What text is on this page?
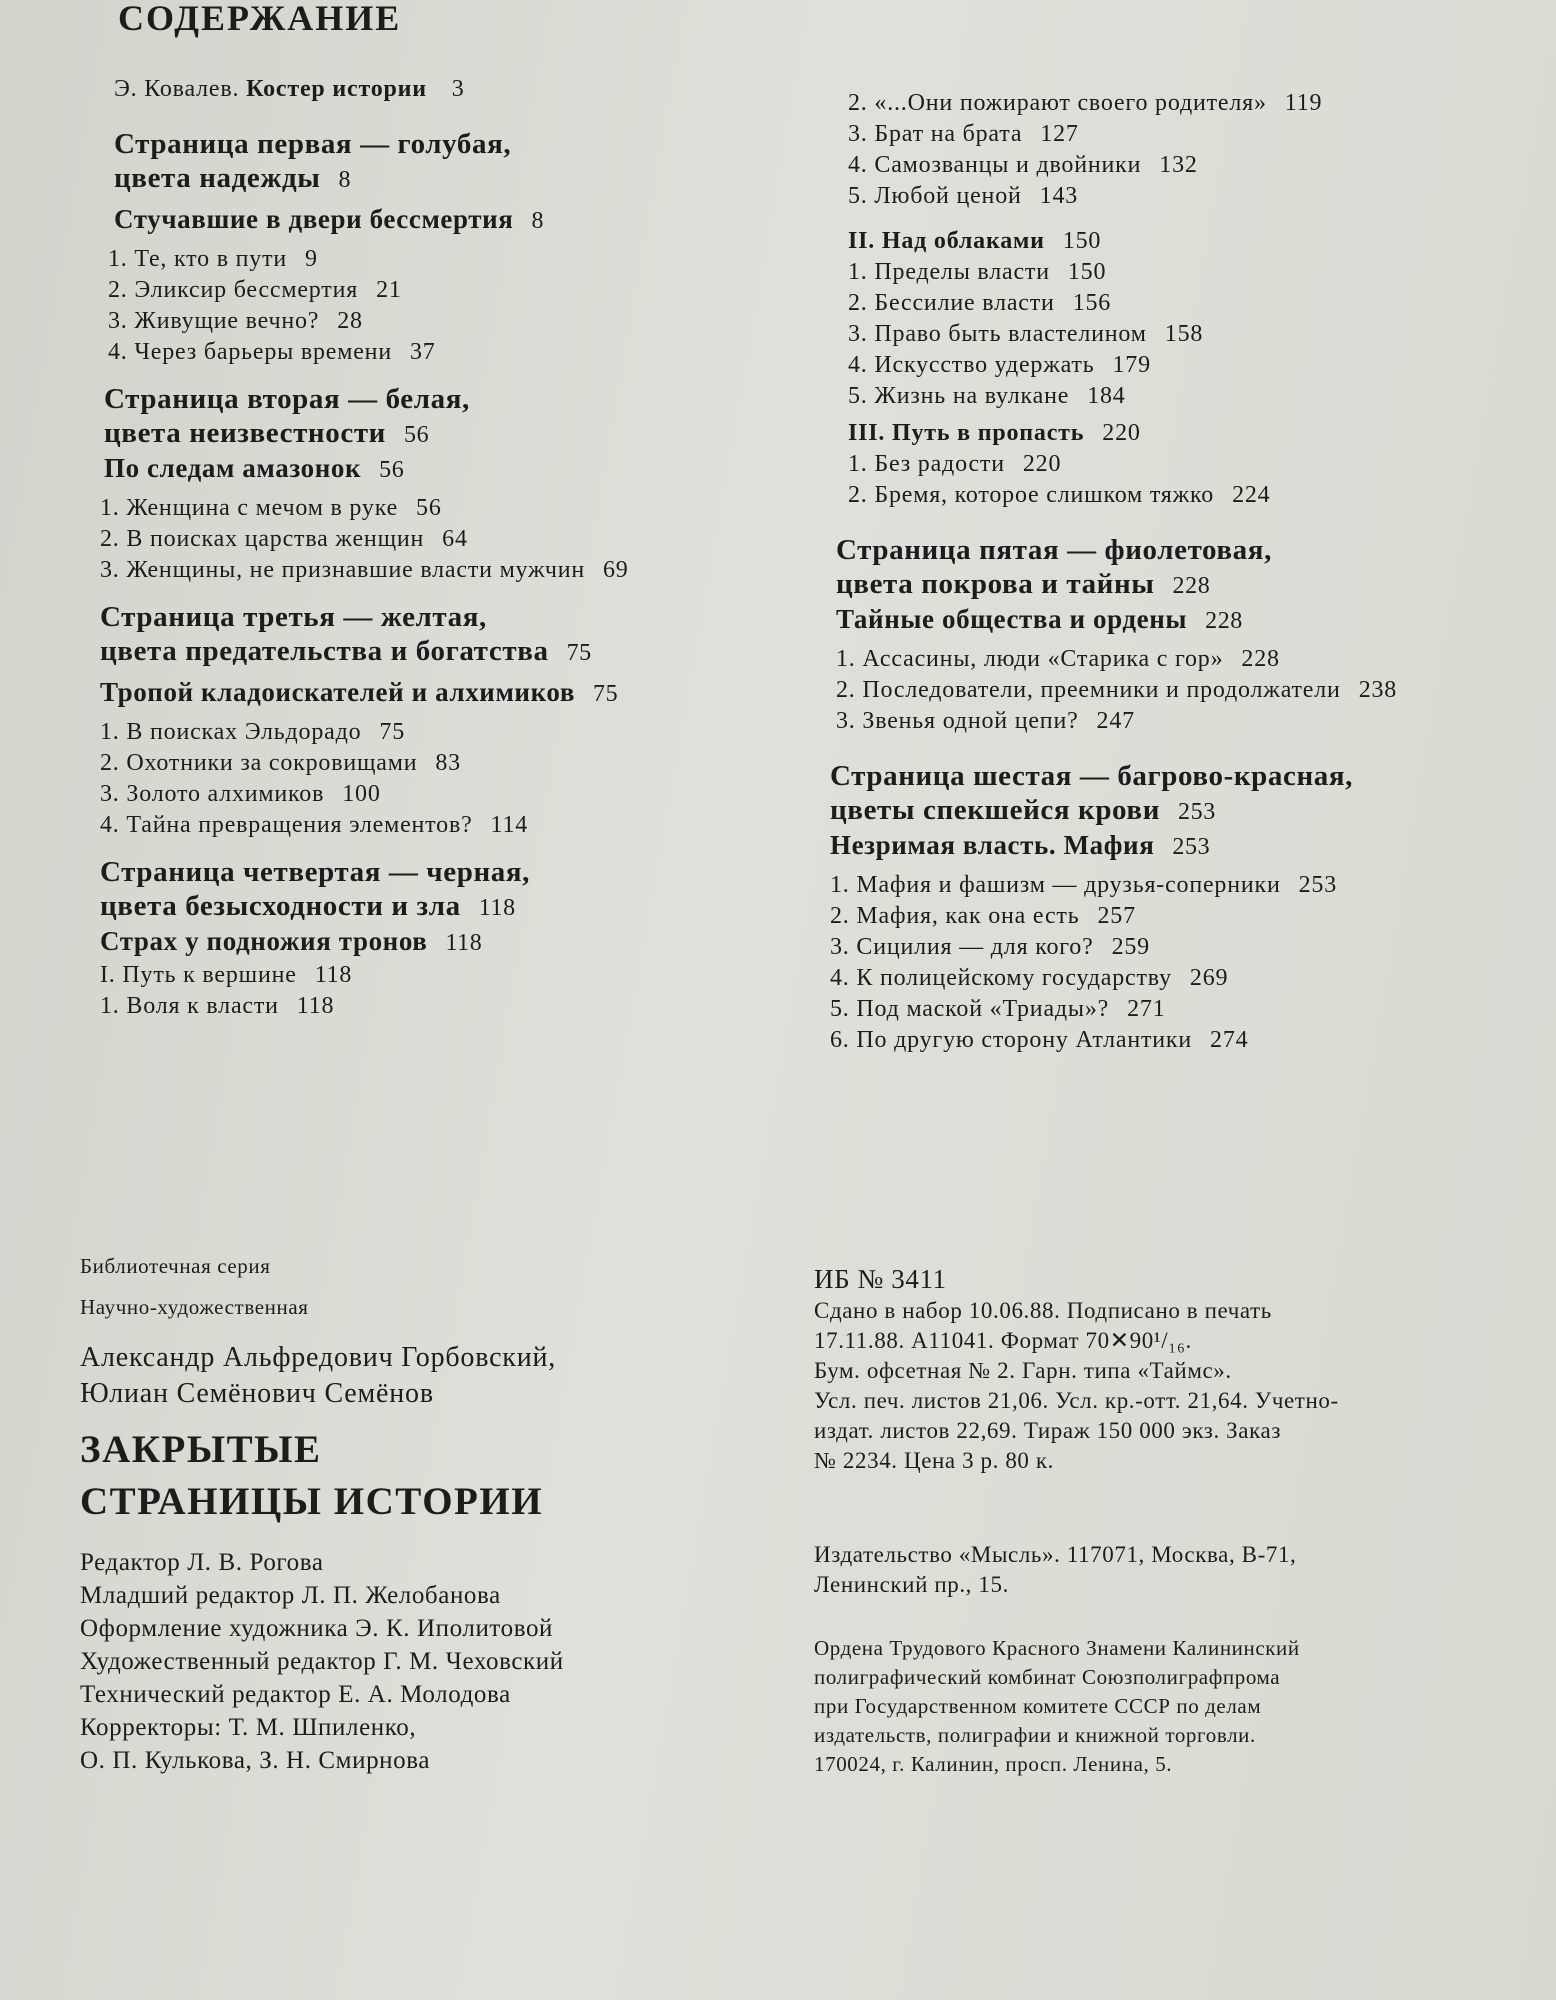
СОДЕРЖАНИЕ
Э. Ковалев. Костер истории 3
Страница первая — голубая,
цвета надежды 8
Стучавшие в двери бессмертия 8
1. Те, кто в пути 9
2. Эликсир бессмертия 21
3. Живущие вечно? 28
4. Через барьеры времени 37
Страница вторая — белая,
цвета неизвестности 56
По следам амазонок 56
1. Женщина с мечом в руке 56
2. В поисках царства женщин 64
3. Женщины, не признавшие власти мужчин 69
Страница третья — желтая,
цвета предательства и богатства 75
Тропой кладоискателей и алхимиков 75
1. В поисках Эльдорадо 75
2. Охотники за сокровищами 83
3. Золото алхимиков 100
4. Тайна превращения элементов? 114
Страница четвертая — черная,
цвета безысходности и зла 118
Страх у подножия тронов 118
I. Путь к вершине 118
1. Воля к власти 118
2. «...Они пожирают своего родителя» 119
3. Брат на брата 127
4. Самозванцы и двойники 132
5. Любой ценой 143
II. Над облаками 150
1. Пределы власти 150
2. Бессилие власти 156
3. Право быть властелином 158
4. Искусство удержать 179
5. Жизнь на вулкане 184
III. Путь в пропасть 220
1. Без радости 220
2. Бремя, которое слишком тяжко 224
Страница пятая — фиолетовая,
цвета покрова и тайны 228
Тайные общества и ордены 228
1. Ассасины, люди «Старика с гор» 228
2. Последователи, преемники и продолжатели 238
3. Звенья одной цепи? 247
Страница шестая — багрово-красная,
цветы спекшейся крови 253
Незримая власть. Мафия 253
1. Мафия и фашизм — друзья-соперники 253
2. Мафия, как она есть 257
3. Сицилия — для кого? 259
4. К полицейскому государству 269
5. Под маской «Триады»? 271
6. По другую сторону Атлантики 274
Библиотечная серия
Научно-художественная
Александр Альфредович Горбовский,
Юлиан Семёнович Семёнов
ЗАКРЫТЫЕ
СТРАНИЦЫ ИСТОРИИ
Редактор Л. В. Рогова
Младший редактор Л. П. Желобанова
Оформление художника Э. К. Иполитовой
Художественный редактор Г. М. Чеховский
Технический редактор Е. А. Молодова
Корректоры: Т. М. Шпиленко,
О. П. Кулькова, З. Н. Смирнова
ИБ № 3411
Сдано в набор 10.06.88. Подписано в печать
17.11.88. А11041. Формат 70✕90¹/₁₆.
Бум. офсетная № 2. Гарн. типа «Таймс».
Усл. печ. листов 21,06. Усл. кр.-отт. 21,64. Учетно-
издат. листов 22,69. Тираж 150 000 экз. Заказ
№ 2234. Цена 3 р. 80 к.
Издательство «Мысль». 117071, Москва, В-71,
Ленинский пр., 15.
Ордена Трудового Красного Знамени Калининский
полиграфический комбинат Союзполиграфпрома
при Государственном комитете СССР по делам
издательств, полиграфии и книжной торговли.
170024, г. Калинин, просп. Ленина, 5.
